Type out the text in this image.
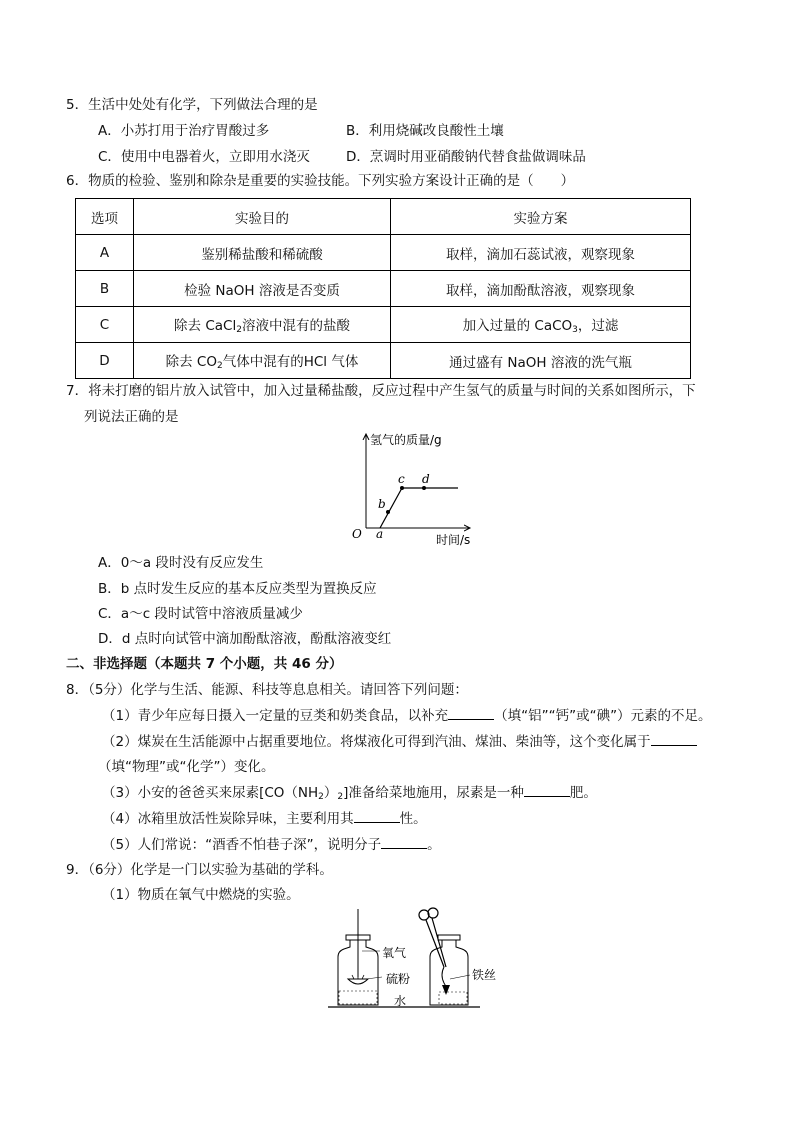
5．生活中处处有化学，下列做法合理的是
A．小苏打用于治疗胃酸过多	B．利用烧碱改良酸性土壤
C．使用中电器着火，立即用水浇灭	D．烹调时用亚硝酸钠代替食盐做调味品
6．物质的检验、鉴别和除杂是重要的实验技能。下列实验方案设计正确的是（　　）
选项	实验目的	实验方案
A	鉴别稀盐酸和稀硫酸	取样，滴加石蕊试液，观察现象
B	检验 NaOH 溶液是否变质	取样，滴加酚酞溶液，观察现象
C	除去 CaCl$_2$溶液中混有的盐酸	加入过量的 CaCO$_3$，过滤
D	除去 $CO_2$气体中混有的HCl 气体	通过盛有 NaOH 溶液的洗气瓶
7．将未打磨的铝片放入试管中，加入过量稀盐酸，反应过程中产生氢气的质量与时间的关系如图所示，下
列说法正确的是
氢气的质量/g
时间/s
O a
b
c d
A．0～a 段时没有反应发生
B．b 点时发生反应的基本反应类型为置换反应
C．a～c 段时试管中溶液质量减少
D．d 点时向试管中滴加酚酞溶液，酚酞溶液变红
二、非选择题（本题共 7 个小题，共 46 分）
8．（5分）化学与生活、能源、科技等息息相关。请回答下列问题：
（1）青少年应每日摄入一定量的豆类和奶类食品，以补充	（填“铝”“钙”或“碘”）元素的不足。
（2）煤炭在生活能源中占据重要地位。将煤液化可得到汽油、煤油、柴油等，这个变化属于
（填“物理”或“化学”）变化。
（3）小安的爸爸买来尿素$[CO(NH_2)_2]$准备给菜地施用，尿素是一种	肥。
（4）冰箱里放活性炭除异味，主要利用其	性。
（5）人们常说：“酒香不怕巷子深”，说明分子	。
9．（6分）化学是一门以实验为基础的学科。
（1）物质在氧气中燃烧的实验。
氧气
硫粉
水
铁丝
